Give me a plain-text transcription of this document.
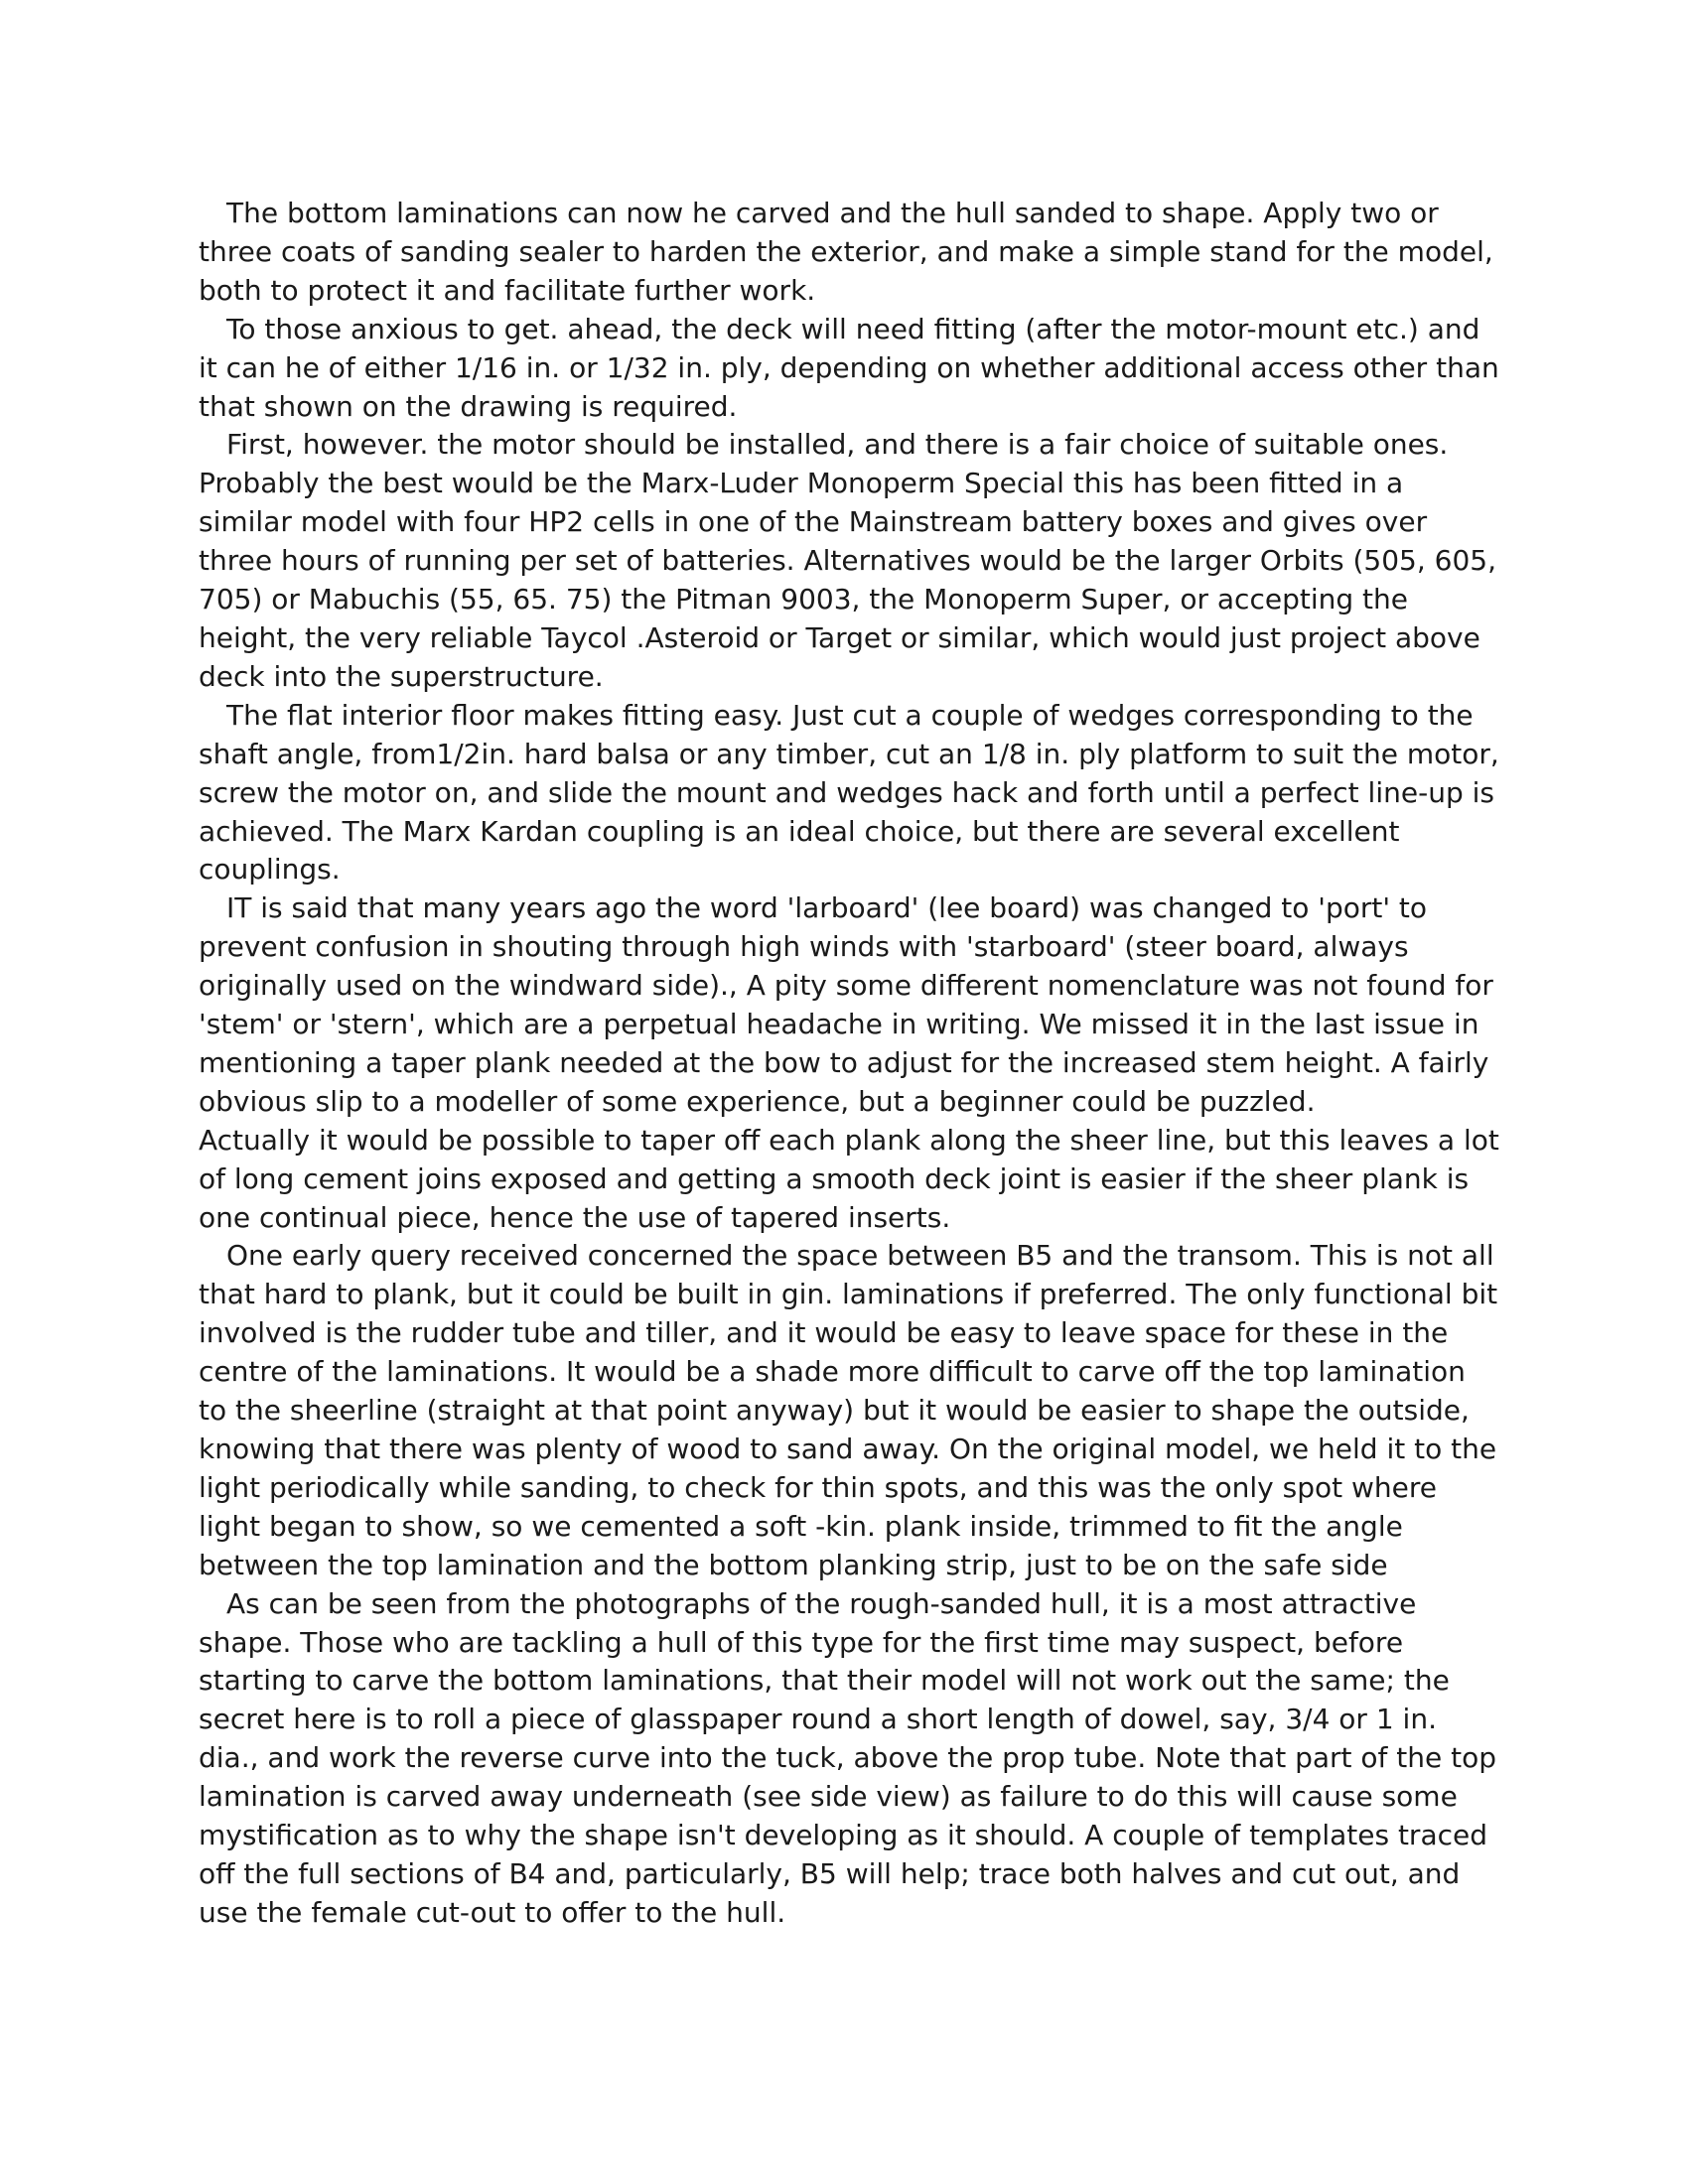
The bottom laminations can now he carved and the hull sanded to shape. Apply two or three coats of sanding sealer to harden the exterior, and make a simple stand for the model, both to protect it and facilitate further work.

To those anxious to get. ahead, the deck will need fitting (after the motor-mount etc.) and it can he of either 1/16 in. or 1/32 in. ply, depending on whether additional access other than that shown on the drawing is required.

First, however. the motor should be installed, and there is a fair choice of suitable ones. Probably the best would be the Marx-Luder Monoperm Special this has been fitted in a similar model with four HP2 cells in one of the Mainstream battery boxes and gives over three hours of running per set of batteries. Alternatives would be the larger Orbits (505, 605, 705) or Mabuchis (55, 65. 75) the Pitman 9003, the Monoperm Super, or accepting the height, the very reliable Taycol .Asteroid or Target or similar, which would just project above deck into the superstructure.

The flat interior floor makes fitting easy. Just cut a couple of wedges corresponding to the shaft angle, from1/2in. hard balsa or any timber, cut an 1/8 in. ply platform to suit the motor, screw the motor on, and slide the mount and wedges hack and forth until a perfect line-up is achieved. The Marx Kardan coupling is an ideal choice, but there are several excellent couplings.

IT is said that many years ago the word 'larboard' (lee board) was changed to 'port' to prevent confusion in shouting through high winds with 'starboard' (steer board, always originally used on the windward side)., A pity some different nomenclature was not found for 'stem' or 'stern', which are a perpetual headache in writing. We missed it in the last issue in mentioning a taper plank needed at the bow to adjust for the increased stem height. A fairly obvious slip to a modeller of some experience, but a beginner could be puzzled.

Actually it would be possible to taper off each plank along the sheer line, but this leaves a lot of long cement joins exposed and getting a smooth deck joint is easier if the sheer plank is one continual piece, hence the use of tapered inserts.

One early query received concerned the space between B5 and the transom. This is not all that hard to plank, but it could be built in gin. laminations if preferred. The only functional bit involved is the rudder tube and tiller, and it would be easy to leave space for these in the centre of the laminations. It would be a shade more difficult to carve off the top lamination to the sheerline (straight at that point anyway) but it would be easier to shape the outside, knowing that there was plenty of wood to sand away. On the original model, we held it to the light periodically while sanding, to check for thin spots, and this was the only spot where light began to show, so we cemented a soft -kin. plank inside, trimmed to fit the angle between the top lamination and the bottom planking strip, just to be on the safe side

As can be seen from the photographs of the rough-sanded hull, it is a most attractive shape. Those who are tackling a hull of this type for the first time may suspect, before starting to carve the bottom laminations, that their model will not work out the same; the secret here is to roll a piece of glasspaper round a short length of dowel, say, 3/4 or 1 in. dia., and work the reverse curve into the tuck, above the prop tube. Note that part of the top lamination is carved away underneath (see side view) as failure to do this will cause some mystification as to why the shape isn't developing as it should. A couple of templates traced off the full sections of B4 and, particularly, B5 will help; trace both halves and cut out, and use the female cut-out to offer to the hull.
